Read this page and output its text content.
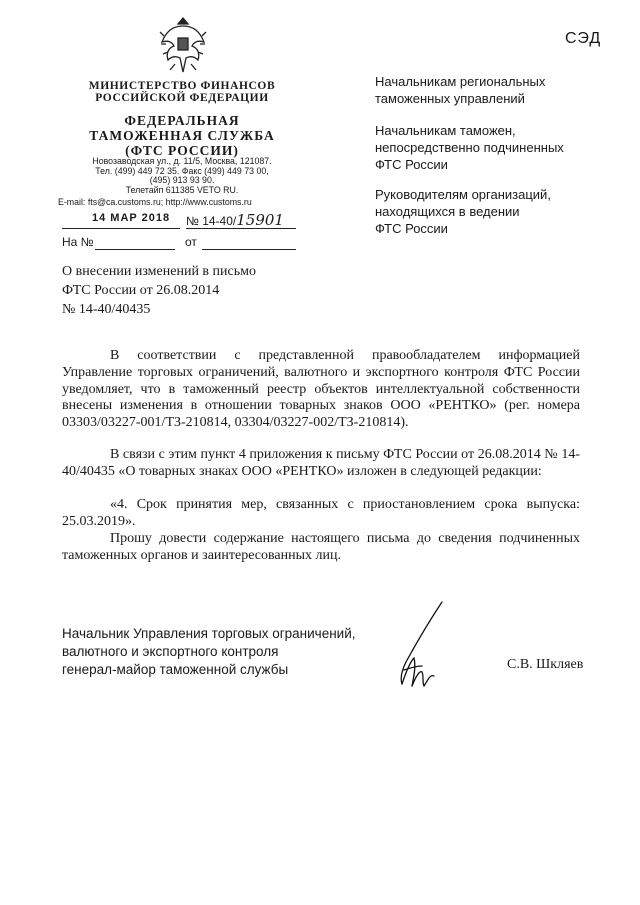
МИНИСТЕРСТВО ФИНАНСОВ
РОССИЙСКОЙ ФЕДЕРАЦИИ
ФЕДЕРАЛЬНАЯ
ТАМОЖЕННАЯ СЛУЖБА
(ФТС РОССИИ)
Новозаводская ул., д. 11/5, Москва, 121087.
Тел. (499) 449 72 35. Факс (499) 449 73 00,
(495) 913 93 90.
Телетайп 611385 VETO RU.
E-mail: fts@ca.customs.ru; http://www.customs.ru
14 MAP 2018 № 14-40/15901
На №	от
СЭД
Начальникам региональных
таможенных управлений
Начальникам таможен,
непосредственно подчиненных
ФТС России
Руководителям организаций,
находящихся в ведении
ФТС России
О внесении изменений в письмо
ФТС России от 26.08.2014
№ 14-40/40435
В соответствии с представленной правообладателем информацией Управление торговых ограничений, валютного и экспортного контроля ФТС России уведомляет, что в таможенный реестр объектов интеллектуальной собственности внесены изменения в отношении товарных знаков ООО «РЕНТКО» (рег. номера 03303/03227-001/ТЗ-210814, 03304/03227-002/ТЗ-210814).
В связи с этим пункт 4 приложения к письму ФТС России от 26.08.2014 № 14-40/40435 «О товарных знаках ООО «РЕНТКО» изложен в следующей редакции:
«4. Срок принятия мер, связанных с приостановлением срока выпуска: 25.03.2019».
Прошу довести содержание настоящего письма до сведения подчиненных таможенных органов и заинтересованных лиц.
Начальник Управления торговых ограничений,
валютного и экспортного контроля
генерал-майор таможенной службы	С.В. Шкляев
